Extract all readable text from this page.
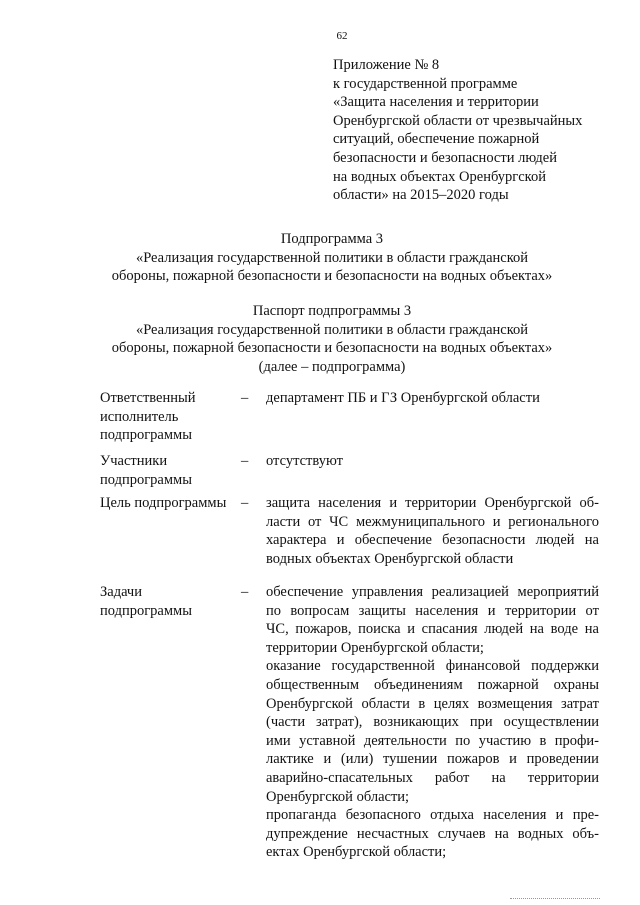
62
Приложение № 8
к государственной программе
«Защита населения и территории
Оренбургской области от чрезвычайных
ситуаций, обеспечение пожарной
безопасности и безопасности людей
на водных объектах Оренбургской
области» на 2015–2020 годы
Подпрограмма 3
«Реализация государственной политики в области гражданской
обороны, пожарной безопасности и безопасности на водных объектах»
Паспорт подпрограммы 3
«Реализация государственной политики в области гражданской
обороны, пожарной безопасности и безопасности на водных объектах»
(далее – подпрограмма)
Ответственный
исполнитель
подпрограммы
–	департамент ПБ и ГЗ Оренбургской области
Участники
подпрограммы
–	отсутствуют
Цель подпрограммы	–	защита населения и территории Оренбургской об-
ласти от ЧС межмуниципального и регионального
характера и обеспечение безопасности людей на
водных объектах Оренбургской области
Задачи
подпрограммы
–	обеспечение управления реализацией мероприятий
по вопросам защиты населения и территории от
ЧС, пожаров, поиска и спасания людей на воде на
территории Оренбургской области;
оказание государственной финансовой поддержки
общественным объединениям пожарной охраны
Оренбургской области в целях возмещения затрат
(части затрат), возникающих при осуществлении
ими уставной деятельности по участию в профи-
лактике и (или) тушении пожаров и проведении
аварийно-спасательных работ на территории
Оренбургской области;
пропаганда безопасного отдыха населения и пре-
дупреждение несчастных случаев на водных объ-
ектах Оренбургской области;
